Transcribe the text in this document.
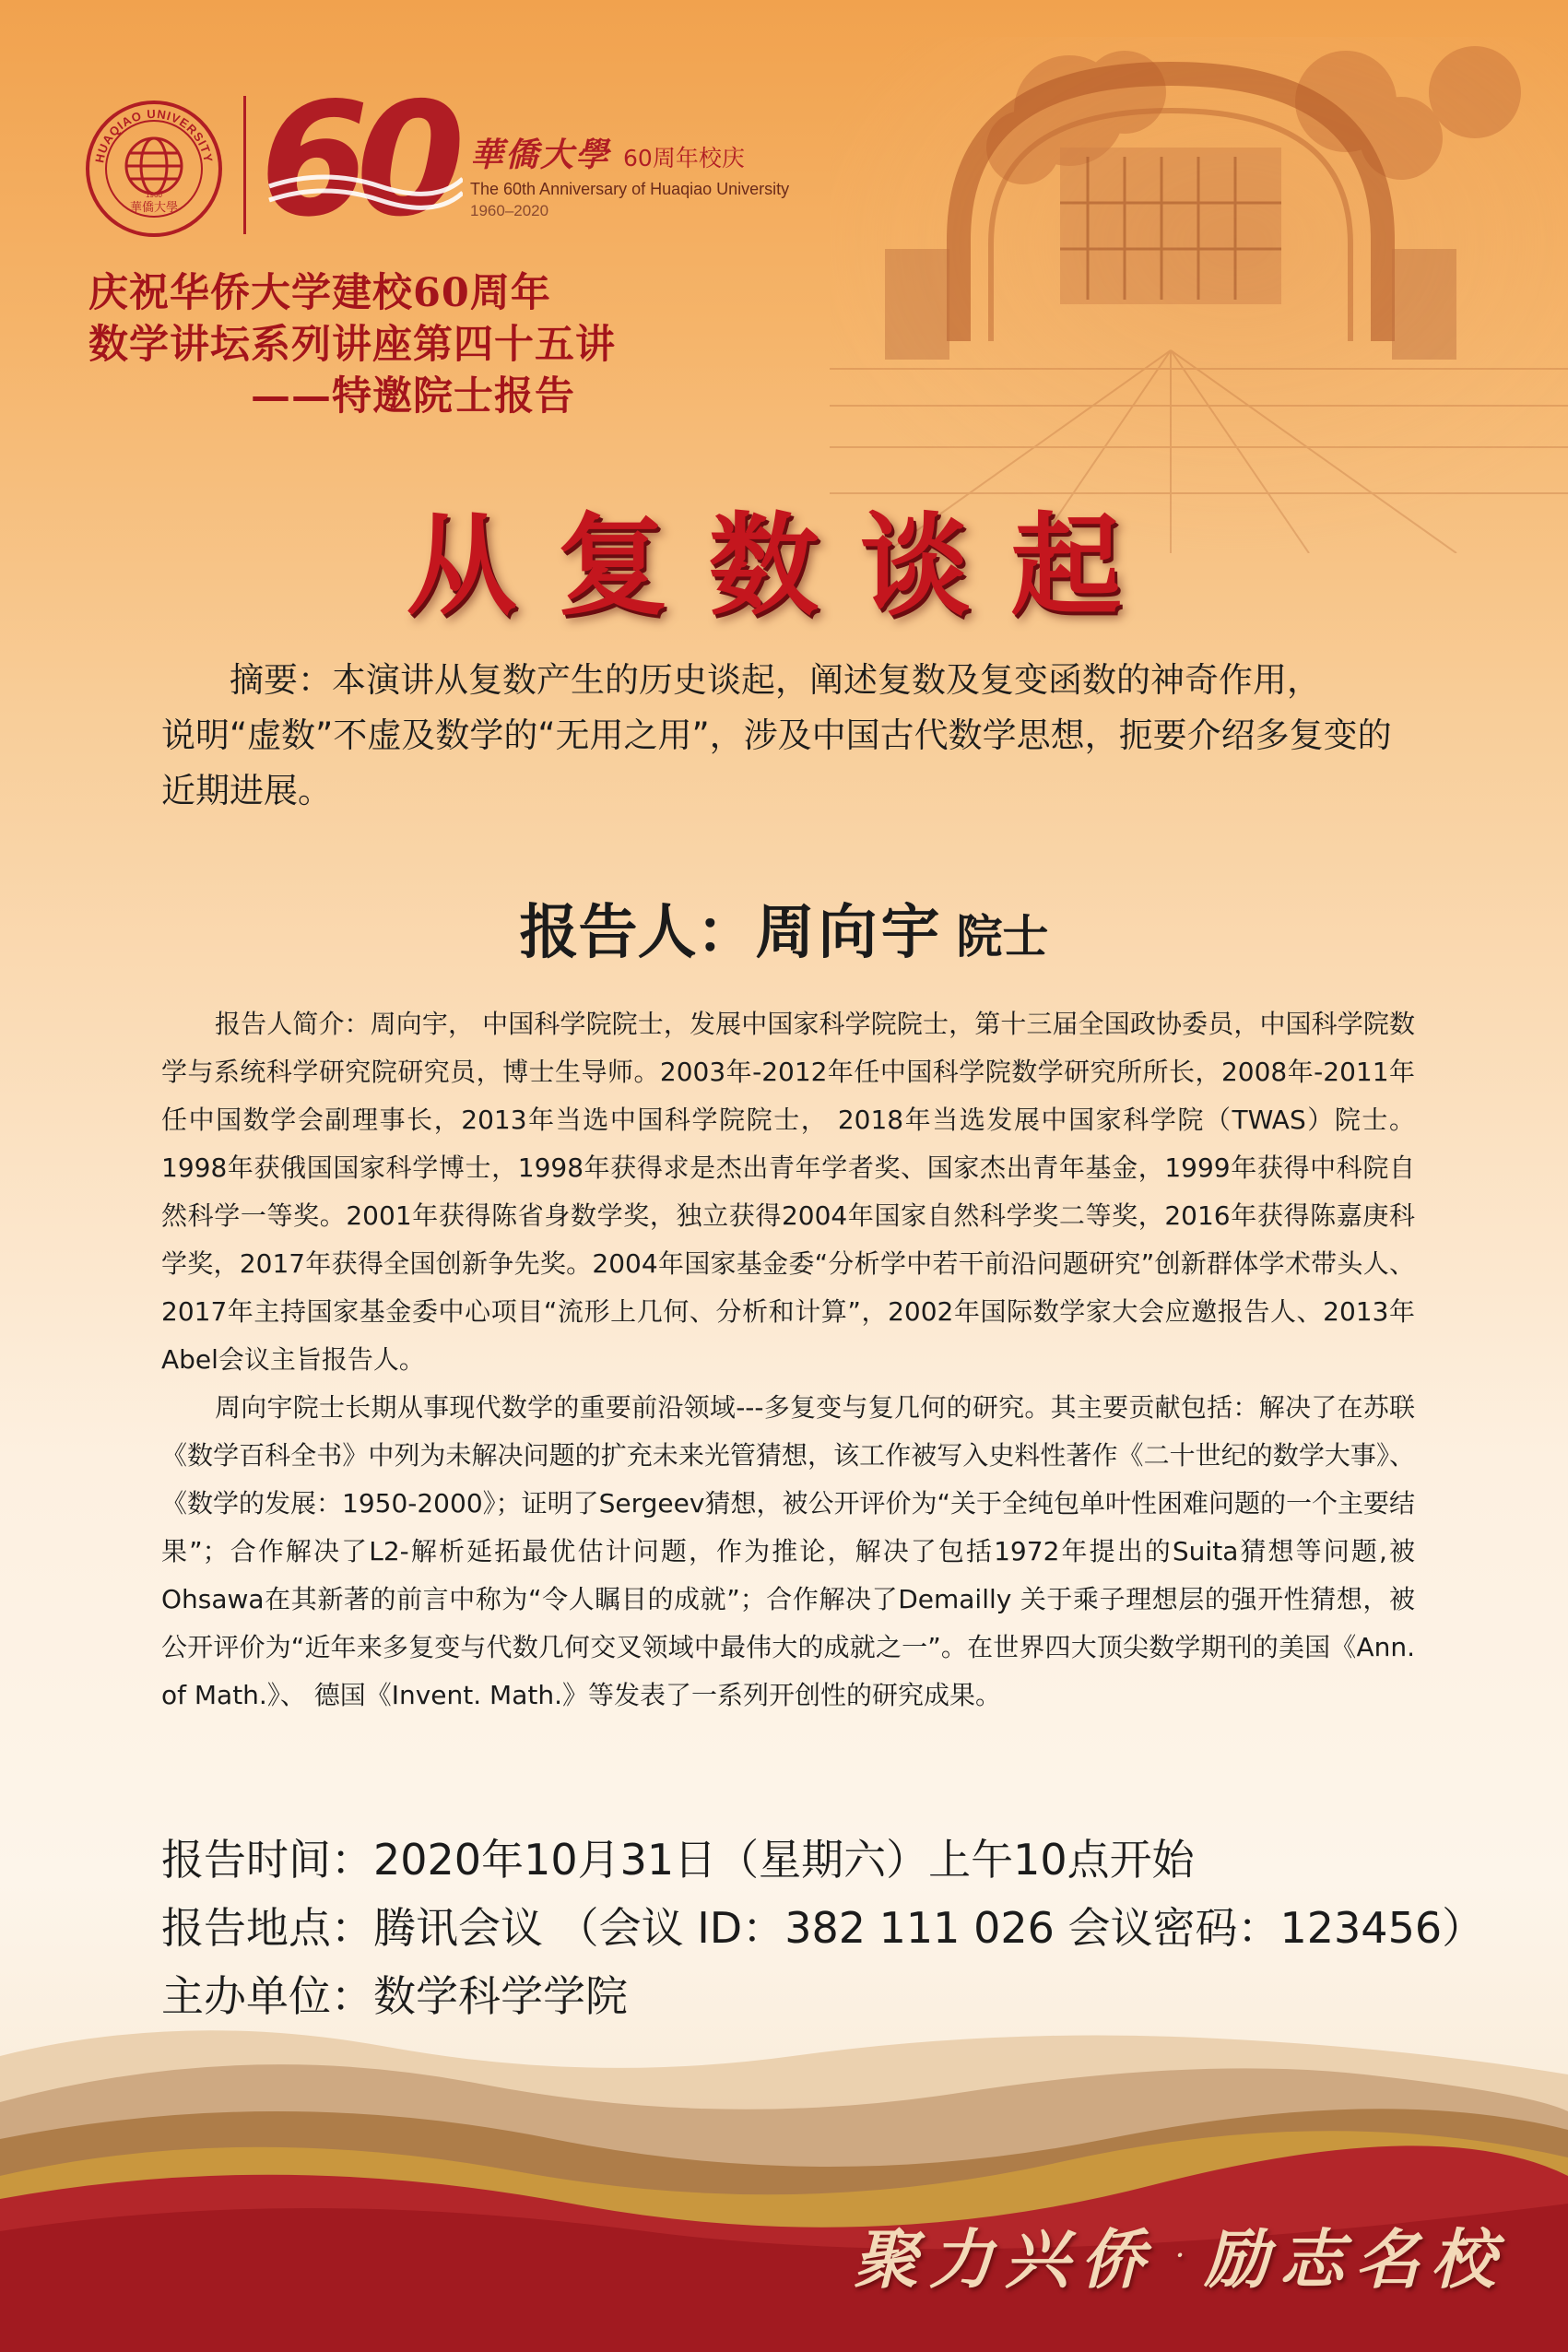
HUAQIAO UNIVERSITY
華僑大學
1960 60 華僑大學 60周年校庆
The 60th Anniversary of Huaqiao University
1960–2020
庆祝华侨大学建校60周年
数学讲坛系列讲座第四十五讲
——特邀院士报告
从复数谈起
摘要：本演讲从复数产生的历史谈起，阐述复数及复变函数的神奇作用，
说明“虚数”不虚及数学的“无用之用”，涉及中国古代数学思想，扼要介绍多复变的近期进展。
报告人：周向宇 院士

报告人简介：周向宇， 中国科学院院士，发展中国家科学院院士，第十三届全国政协委员，中国科学院数学与系统科学研究院研究员，博士生导师。2003年-2012年任中国科学院数学研究所所长，2008年-2011年任中国数学会副理事长，2013年当选中国科学院院士， 2018年当选发展中国家科学院（TWAS）院士。1998年获俄国国家科学博士，1998年获得求是杰出青年学者奖、国家杰出青年基金，1999年获得中科院自然科学一等奖。2001年获得陈省身数学奖，独立获得2004年国家自然科学奖二等奖，2016年获得陈嘉庚科学奖，2017年获得全国创新争先奖。2004年国家基金委“分析学中若干前沿问题研究”创新群体学术带头人、2017年主持国家基金委中心项目“流形上几何、分析和计算”，2002年国际数学家大会应邀报告人、2013年Abel会议主旨报告人。

周向宇院士长期从事现代数学的重要前沿领域---多复变与复几何的研究。其主要贡献包括：解决了在苏联《数学百科全书》中列为未解决问题的扩充未来光管猜想，该工作被写入史料性著作《二十世纪的数学大事》、《数学的发展：1950-2000》；证明了Sergeev猜想，被公开评价为“关于全纯包单叶性困难问题的一个主要结果”；合作解决了L2-解析延拓最优估计问题，作为推论，解决了包括1972年提出的Suita猜想等问题,被Ohsawa在其新著的前言中称为“令人瞩目的成就”；合作解决了Demailly 关于乘子理想层的强开性猜想，被公开评价为“近年来多复变与代数几何交叉领域中最伟大的成就之一”。在世界四大顶尖数学期刊的美国《Ann. of Math.》、 德国《Invent. Math.》等发表了一系列开创性的研究成果。

报告时间：2020年10月31日（星期六）上午10点开始
报告地点：腾讯会议 （会议 ID：382 111 026 会议密码：123456）
主办单位：数学科学学院
聚力兴侨 · 励志名校
